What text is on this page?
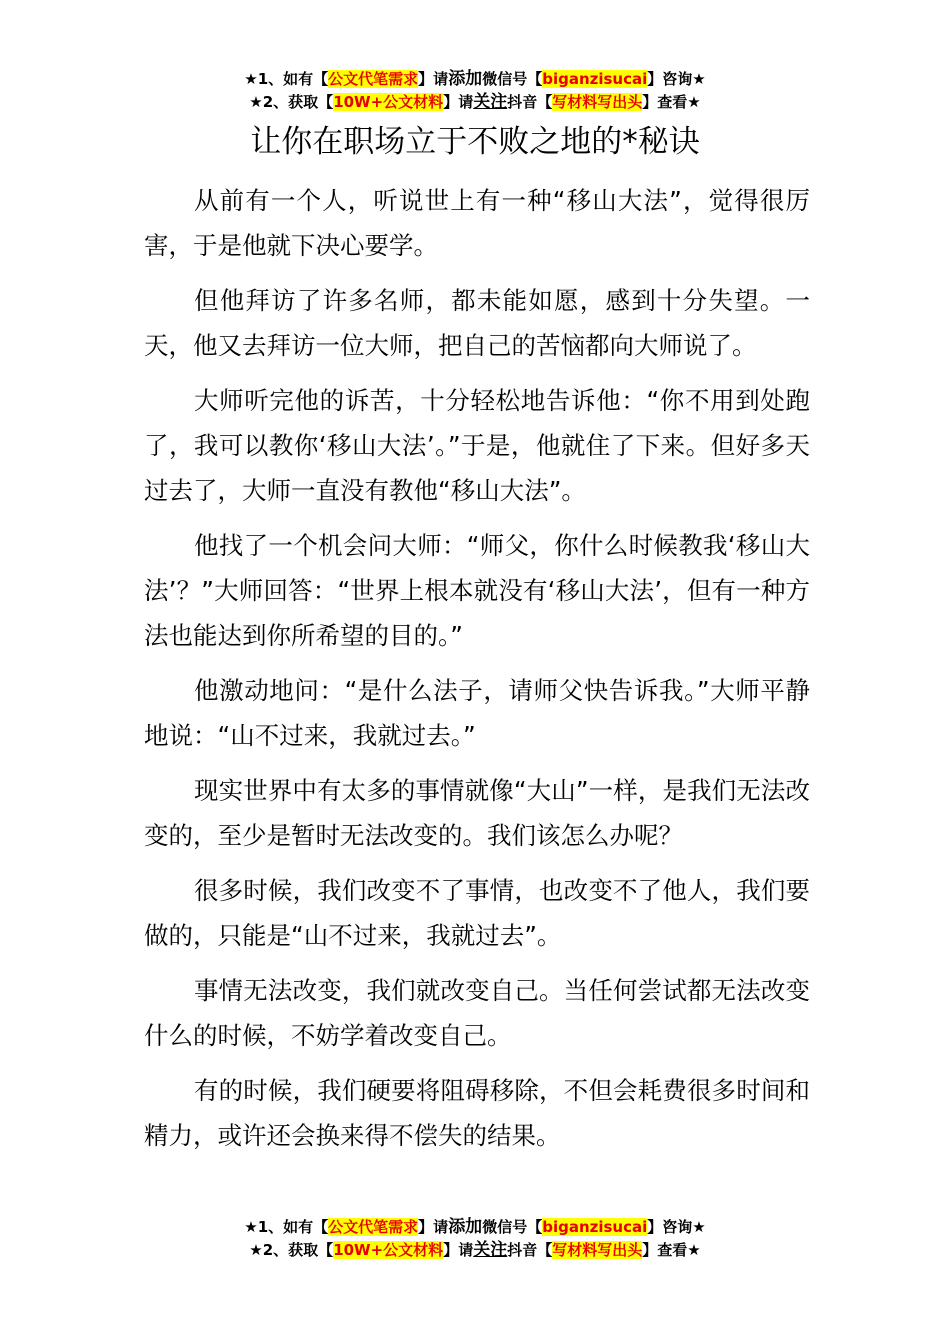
★1、如有【公文代笔需求】请添加微信号【biganzisucai】咨询★
★2、获取【10W+公文材料】请关注抖音【写材料写出头】查看★
让你在职场立于不败之地的*秘诀

从前有一个人，听说世上有一种“移山大法”，觉得很厉害，于是他就下决心要学。

但他拜访了许多名师，都未能如愿，感到十分失望。一天，他又去拜访一位大师，把自己的苦恼都向大师说了。

大师听完他的诉苦，十分轻松地告诉他：“你不用到处跑了，我可以教你‘移山大法’。”于是，他就住了下来。但好多天过去了，大师一直没有教他“移山大法”。

他找了一个机会问大师：“师父，你什么时候教我‘移山大法’？”大师回答：“世界上根本就没有‘移山大法’，但有一种方法也能达到你所希望的目的。”

他激动地问：“是什么法子，请师父快告诉我。”大师平静地说：“山不过来，我就过去。”

现实世界中有太多的事情就像“大山”一样，是我们无法改变的，至少是暂时无法改变的。我们该怎么办呢？

很多时候，我们改变不了事情，也改变不了他人，我们要做的，只能是“山不过来，我就过去”。

事情无法改变，我们就改变自己。当任何尝试都无法改变什么的时候，不妨学着改变自己。

有的时候，我们硬要将阻碍移除，不但会耗费很多时间和精力，或许还会换来得不偿失的结果。

★1、如有【公文代笔需求】请添加微信号【biganzisucai】咨询★
★2、获取【10W+公文材料】请关注抖音【写材料写出头】查看★
